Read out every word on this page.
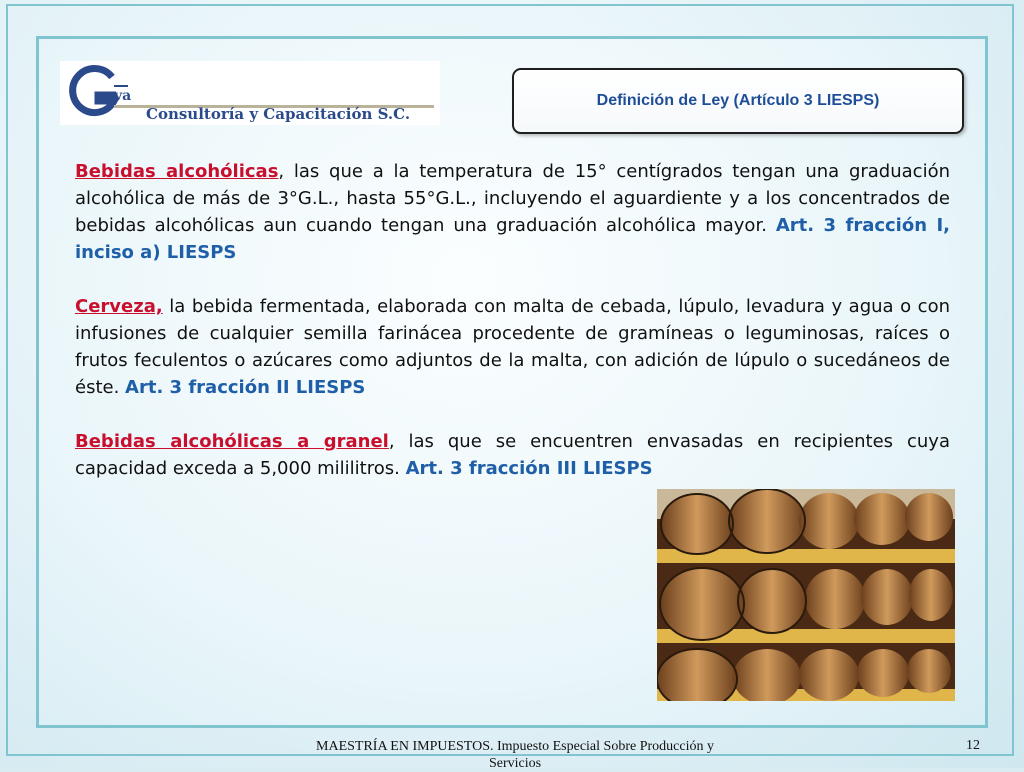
va
Consultoría y Capacitación S.C.
Definición de Ley (Artículo 3 LIESPS)

Bebidas alcohólicas, las que a la temperatura de 15° centígrados tengan una graduación alcohólica de más de 3°G.L., hasta 55°G.L., incluyendo el aguardiente y a los concentrados de bebidas alcohólicas aun cuando tengan una graduación alcohólica mayor. Art. 3 fracción I, inciso a) LIESPS

Cerveza, la bebida fermentada, elaborada con malta de cebada, lúpulo, levadura y agua o con infusiones de cualquier semilla farinácea procedente de gramíneas o leguminosas, raíces o frutos feculentos o azúcares como adjuntos de la malta, con adición de lúpulo o sucedáneos de éste. Art. 3 fracción II LIESPS

Bebidas alcohólicas a granel, las que se encuentren envasadas en recipientes cuya capacidad exceda a 5,000 mililitros. Art. 3 fracción III LIESPS

MAESTRÍA EN IMPUESTOS. Impuesto Especial Sobre Producción y Servicios
12
